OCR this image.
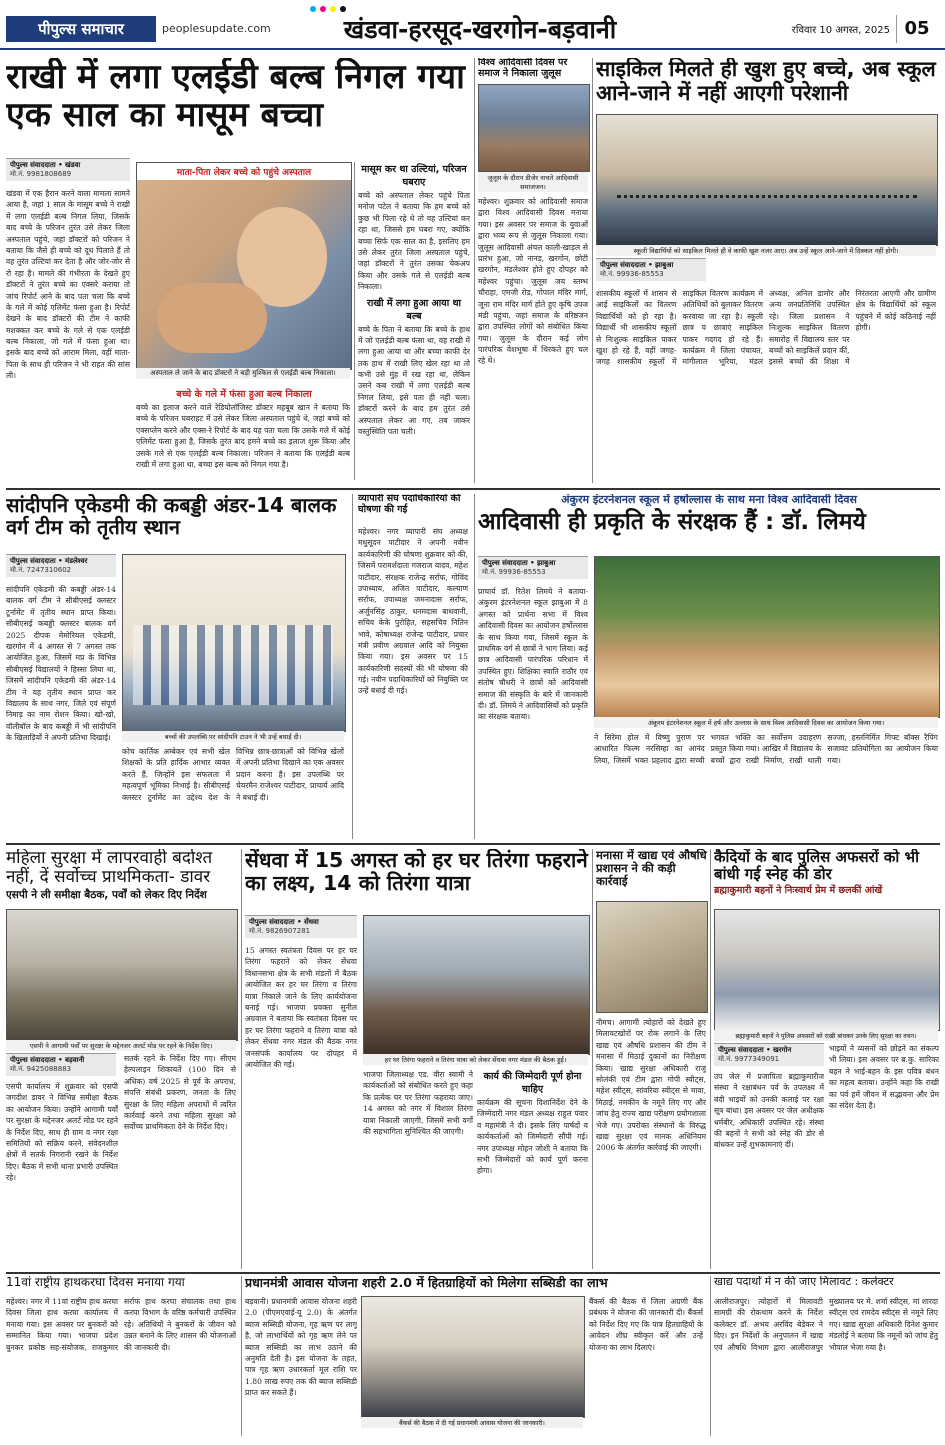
पीपुल्स समाचार	peoplesupdate.com	खंडवा-हरसूद-खरगोन-बड़वानी	रविवार 10 अगस्त, 2025 05
राखी में लगा एलईडी बल्ब निगल गया एक साल का मासूम बच्चा
पीपुल्स संवाददाता • खंडवा
मो.नं. 9981808689

खंडवा में एक हैरान करने वाला मामला सामने आया है, जहां 1 साल के मासूम बच्चे ने राखी में लगा एलईडी बल्ब निगल लिया, जिसके बाद बच्चे के परिजन तुरंत उसे लेकर जिला अस्पताल पहुंचे, जहां डॉक्टरों को परिजन ने बताया कि जैसे ही बच्चे को दूध पिलाते हैं तो वह तुरंत उल्टियां कर देता है और जोर-जोर से रो रहा है। मामले की गंभीरता के देखते हुए डॉक्टरों ने तुरंत बच्चे का एक्सरे कराया तो जांच रिपोर्ट आने के बाद पता चला कि बच्चे के गले में कोई एलिमेंट फंसा हुआ है। रिपोर्ट देखने के बाद डॉक्टरों की टीम ने काफी मशक्कत कर बच्चे के गले से एक एलईडी बल्ब निकाला, जो गले में फंसा हुआ था। इसके बाद बच्चे को आराम मिला, वहीं माता-पिता के साथ ही परिजन ने भी राहत की सांस ली।

माता-पिता लेकर बच्चे को पहुंचे अस्पताल
अस्पताल ले जाने के बाद डॉक्टरों ने बड़ी मुश्किल से एलईडी बल्ब निकाला।
बच्चे के गले में फंसा हुआ बल्ब निकाला

बच्चे का इलाज करने वाले रेडियोलॉजिस्ट डॉक्टर महबूब खान ने बताया कि बच्चे के परिजन घबराहट में उसे लेकर जिला अस्पताल पहुंचे थे, जहां बच्चे को एक्सप्लेन करने और एक्स-रे रिपोर्ट के बाद यह पता चला कि उसके गले में कोई एलिमेंट फंसा हुआ है, जिसके तुरंत बाद हमने बच्चे का इलाज शुरू किया और उसके गले से एक एलईडी बल्ब निकाला। परिजन ने बताया कि एलईडी बल्ब राखी में लगा हुआ था, बच्चा इस बल्ब को निगल गया है।

मासूम कर था उल्टियां, परिजन घबराए

बच्चे को अस्पताल लेकर पहुंचे पिता मनोज पटेल ने बताया कि हम बच्चे को कुछ भी पिला रहे थे तो वह उल्टियां कर रहा था, जिससे हम घबरा गए, क्योंकि बच्चा सिर्फ एक साल का है, इसलिए हम उसे लेकर तुरंत जिला अस्पताल पहुंचे, जहां डॉक्टरों ने तुरंत उसका चेकअप किया और उसके गले से एलईडी बल्ब निकाला।

राखी में लगा हुआ आया था बल्ब

बच्चे के पिता ने बताया कि बच्चे के हाथ में जो एलईडी बल्ब फंसा था, वह राखी में लगा हुआ आया था और बच्चा काफी देर तक हाथ में राखी लिए खेल रहा था तो कभी उसे मुंह में रख रहा था, लेकिन उसने कब राखी में लगा एलईडी बल्ब निगल लिया, इसे पता ही नहीं चला। डॉक्टरों करने के बाद हम तुरंत उसे अस्पताल लेकर आ गए, तब जाकर वस्तुस्थिति पता चली।

विश्व आदिवासी दिवस पर समाज ने निकाला जुलूस
जुलूस के दौरान डीजेर नाचते आदिवासी समाजजन।

महेश्वर। शुक्रवार को आदिवासी समाज द्वारा विश्व आदिवासी दिवस मनाया गया। इस अवसर पर समाज के युवाओं द्वारा भव्य रूप से जुलूस निकाला गया। जुलूस आदिवासी अंचल काली-खाड़ल से प्रारंभ हुआ, जो नानड़, खरगोन, छोटी खरगोन, मंडलेश्वर होते हुए दोपहर को महेश्वर पहुंचा। जुलूस जय स्तम्भ चौराहा, एमजी रोड, गोपाल मंदिर मार्ग, जूना राम मंदिर मार्ग होते हुए कृषि उपज मंडी पहुंचा, जहां समाज के वरिष्ठजन द्वारा उपस्थित लोगों को संबोधित किया गया। जुलूस के दौरान कई लोग पारंपरिक वेशभूषा में थिरकते हुए चल रहे थे।

साइकिल मिलते ही खुश हुए बच्चे, अब स्कूल आने-जाने में नहीं आएगी परेशानी
स्कूली विद्यार्थियों को साइकिल मिलते ही वे काफी खुश नजर आए। अब उन्हें स्कूल आने-जाने में दिक्कत नहीं होगी।
पीपुल्स संवाददाता • झाबुआ
मो.नं. 99936-85553

शासकीय स्कूलों में शासन से आई साइकिलों का वितरण विद्यार्थियों को हो रहा है। विद्यार्थी भी शासकीय स्कूलों से निःशुल्क साइकिल पाकर खुश हो रहे हैं, वहीं जगह-जगह शासकीय स्कूलों में साइकिल वितरण कार्यक्रम में अतिथियों को बुलाकर वितरण करवाया जा रहा है। स्कूली छात्र व छात्राएं साइकिल पाकर गदगद हो रहे हैं। कार्यक्रम में जिला पंचायत, मांगीलाल भूरिया, मंडल अध्यक्ष, अनिल डामोर और अन्य जनप्रतिनिधि उपस्थित रहे। जिला प्रशासन ने निःशुल्क साइकिल वितरण समारोह में विद्यालय स्तर पर बच्चों को साइकिलें प्रदान कीं, इससे बच्चों की शिक्षा में निरंतरता आएगी और ग्रामीण क्षेत्र के विद्यार्थियों को स्कूल पहुंचने में कोई कठिनाई नहीं होगी।

सांदीपनि एकेडमी की कबड्डी अंडर-14 बालक वर्ग टीम को तृतीय स्थान
पीपुल्स संवाददाता • मंडलेश्वर
मो.नं. 7247310602

सांदीपनि एकेडमी की कबड्डी अंडर-14 बालक वर्ग टीम ने सीबीएसई क्लस्टर टूर्नामेंट में तृतीय स्थान प्राप्त किया। सीबीएसई कबड्डी क्लस्टर बालक वर्ग 2025 दीपक मेमोरियल एकेडमी, खरगोन में 4 अगस्त से 7 अगस्त तक आयोजित हुआ, जिसमें मप्र के विभिन्न सीबीएसई विद्यालयों ने हिस्सा लिया था, जिसमें सांदीपनि एकेडमी की अंडर-14 टीम ने यह तृतीय स्थान प्राप्त कर विद्यालय के साथ नगर, जिले एवं संपूर्ण निमाड़ का नाम रोशन किया। खो-खो, वॉलीबॉल के बाद कबड्डी में भी सांदीपनि के खिलाड़ियों ने अपनी प्रतिभा दिखाई।	बच्चों की उपलब्धि पर सांदीपनि टाउन ने भी उन्हें बधाई दी।

कोच कार्तिक अम्बेकर एवं सभी खेल शिक्षकों के प्रति हार्दिक आभार व्यक्त करते हैं, जिन्होंने इस सफलता में महत्वपूर्ण भूमिका निभाई है। सीबीएसई क्लस्टर टूर्नामेंट का उद्देश्य देश के विभिन्न छात्र-छात्राओं को विभिन्न खेलों में अपनी प्रतिभा दिखाने का एक अवसर प्रदान करना है। इस उपलब्धि पर चेयरमैन राजेश्वर पाटीदार, प्राचार्य आदि ने बधाई दी।

व्यापारी संघ पदाधिकारियों की घोषणा की गई

महेश्वर। नगर व्यापारी संघ अध्यक्ष मधुसूदन पाटीदार ने अपनी नवीन कार्यकारिणी की घोषणा शुक्रवार को की, जिसमें परामर्शदाता गजराज यादव, महेश पाटीदार, संरक्षक राजेन्द्र सर्राफ, गोविंद उपाध्याय, अजित पाटीदार, कल्याण सर्राफ, उपाध्यक्ष जमनादास सर्राफ, अर्जुनसिंह ठाकुर, धनमदास बाधवानी, सचिव केके पुरोहित, सहसचिव नितिन भावे, कोषाध्यक्ष राजेन्द्र पाटीदार, प्रचार मंत्री प्रवीण अग्रवाल आदि को नियुक्त किया गया। इस अवसर पर 15 कार्यकारिणी सदस्यों की भी घोषणा की गई। नवीन पदाधिकारियों को नियुक्ति पर उन्हें बधाई दी गई।

अंकुरम इंटरनेशनल स्कूल में हर्षोल्लास के साथ मना विश्व आदिवासी दिवस
आदिवासी ही प्रकृति के संरक्षक हैं : डॉ. लिमये
पीपुल्स संवाददाता • झाबुआ
मो.नं. 99936-85553

प्राचार्य डॉ. रितेश लिमये ने बताया- अंकुरम इंटरनेशनल स्कूल झाबुआ में 8 अगस्त को प्रार्थना सभा में विश्व आदिवासी दिवस का आयोजन हर्षोल्लास के साथ किया गया, जिसमें स्कूल के प्राथमिक वर्ग से छात्रों ने भाग लिया। कई छात्र आदिवासी पारंपरिक परिधान में उपस्थित हुए। शिक्षिका स्वाति राठौर एवं संतोष चौधरी ने छात्रों को आदिवासी समाज की संस्कृति के बारे में जानकारी दी। डॉ. लिमये ने आदिवासियों को प्रकृति का संरक्षक बताया।

अंकुरम इंटरनेशनल स्कूल में हर्ष और उल्लास के साथ विश्व आदिवासी दिवस का आयोजन किया गया।

ने सिरेमा होल में विष्णु पुराण पर आधारित फिल्म नरसिम्हा का आनंद लिया, जिसमें भक्त प्रहलाद द्वारा सच्ची भगवत भक्ति का सर्वोत्तम उदाहरण प्रस्तुत किया गया। आखिर में विद्यालय के बच्चों द्वारा राखी निर्माण, राखी थाली सज्जा, हस्तनिर्मित गिफ्ट बॉक्स रैपिंग सजावट प्रतियोगिता का आयोजन किया गया।

महिला सुरक्षा में लापरवाही बर्दाश्त नहीं, दें सर्वोच्च प्राथमिकता- डावर
एसपी ने ली समीक्षा बैठक, पर्वों को लेकर दिए निर्देश
एसपी ने आगामी पर्वों पर सुरक्षा के मद्देनजर अलर्ट मोड पर रहने के निर्देश दिए।
पीपुल्स संवाददाता • बड़वानी
मो.नं. 9425088883

एसपी कार्यालय में शुक्रवार को एसपी जगदीश डावर ने विभिन्न समीक्षा बैठक का आयोजन किया। उन्होंने आगामी पर्वों पर सुरक्षा के मद्देनजर अलर्ट मोड पर रहने के निर्देश दिए, साथ ही ग्राम व नगर रक्षा समितियों को सक्रिय करने, संवेदनशील क्षेत्रों में सतर्क निगरानी रखने के निर्देश दिए। बैठक में सभी थाना प्रभारी उपस्थित रहे।

सतर्क रहने के निर्देश दिए गए। सीएम हेल्पलाइन शिकायतें (100 दिन से अधिक) वर्ष 2025 से पूर्व के अपराध, संपत्ति संबंधी प्रकरण, जनता के लिए सुरक्षा के लिए महिला अपराधों में त्वरित कार्रवाई करने तथा महिला सुरक्षा को सर्वोच्च प्राथमिकता देने के निर्देश दिए।

सेंधवा में 15 अगस्त को हर घर तिरंगा फहराने का लक्ष्य, 14 को तिरंगा यात्रा
पीपुल्स संवाददाता • सेंधवा
मो.नं. 9826907281

15 अगस्त स्वतंत्रता दिवस पर हर घर तिरंगा फहराने को लेकर सेंधवा विधानसभा क्षेत्र के सभी मंडलों में बैठक आयोजित कर हर घर तिरंगा व तिरंगा यात्रा निकाले जाने के लिए कार्ययोजना बनाई गई। भाजपा प्रवक्ता सुनील अग्रवाल ने बताया कि स्वतंत्रता दिवस पर हर घर तिरंगा फहराने व तिरंगा यात्रा को लेकर सेंधवा नगर मंडल की बैठक नगर जनसंपर्क कार्यालय पर दोपहर में आयोजित की गई।	हर घर तिरंगा फहराने व तिरंगा यात्रा को लेकर सेंधवा नगर मंडल की बैठक हुई।

भाजपा जिलाध्यक्ष एड. वीरा स्वामी ने कार्यकर्ताओं को संबोधित करते हुए कहा कि प्रत्येक घर पर तिरंगा फहराया जाए। 14 अगस्त को नगर में विशाल तिरंगा यात्रा निकाली जाएगी, जिसमें सभी वर्गों की सहभागिता सुनिश्चित की जाएगी।

कार्य की जिम्मेदारी पूर्ण होना चाहिए

कार्यक्रम की सूचना दिशानिर्देश देने के जिम्मेदारी नगर मंडल अध्यक्ष राहुल पंवार व महामंत्री ने दी। इसके लिए पार्षदों व कार्यकर्ताओं को जिम्मेदारी सौंपी गई। नगर उपाध्यक्ष मोहन जोशी ने बताया कि सभी जिम्मेदारों को कार्य पूर्ण करना होगा।

मनासा में खाद्य एवं औषधि प्रशासन ने की कड़ी कार्रवाई

नीमच। आगामी त्योहारों को देखते हुए मिलावटखोरों पर रोक लगाने के लिए खाद्य एवं औषधि प्रशासन की टीम ने मनासा में मिठाई दुकानों का निरीक्षण किया। खाद्य सुरक्षा अधिकारी राजू सोलंकी एवं टीम द्वारा गोपी स्वीट्स, महेश स्वीट्स, सांवरिया स्वीट्स से मावा, मिठाई, नमकीन के नमूने लिए गए और जांच हेतु राज्य खाद्य परीक्षण प्रयोगशाला भेजे गए। उपरोक्त संस्थानों के विरुद्ध खाद्य सुरक्षा एवं मानक अधिनियम 2006 के अंतर्गत कार्रवाई की जाएगी।

कैदियों के बाद पुलिस अफसरों को भी बांधी गई स्नेह की डोर
ब्रह्माकुमारी बहनों ने निःस्वार्थ प्रेम में छलकीं आंखें
ब्रह्माकुमारी बहनों ने पुलिस अफसरों को राखी बांधकर उनके लिए सुरक्षा का वचन।
पीपुल्स संवाददाता • खरगोन
मो.नं. 9977349091

उप जेल में प्रजापिता ब्रह्माकुमारीज संस्था ने रक्षाबंधन पर्व के उपलक्ष्य में बंदी भाइयों को उनकी कलाई पर रक्षा सूत्र बांधा। इस अवसर पर जेल अधीक्षक धर्मबीर, अधिकारी उपस्थित रहे। संस्था की बहनों ने सभी को स्नेह की डोर से बांधकर उन्हें शुभकामनाएं दीं।

भाइयों ने व्यसनों को छोड़ने का संकल्प भी लिया। इस अवसर पर ब्र.कु. सारिका बहन ने भाई-बहन के इस पवित्र बंधन का महत्व बताया। उन्होंने कहा कि राखी का पर्व हमें जीवन में सद्भावना और प्रेम का संदेश देता है।

11वां राष्ट्रीय हाथकरघा दिवस मनाया गया

महेश्वर। नगर में 11वां राष्ट्रीय हाथ करघा दिवस जिला हाथ करघा कार्यालय में मनाया गया। इस अवसर पर बुनकरों को सम्मानित किया गया। भाजपा प्रदेश बुनकर प्रकोष्ठ सह-संयोजक, राजकुमार सर्राफ हाथ करघा संचालक तथा हाथ करघा विभाग के वरिष्ठ कर्मचारी उपस्थित रहे। अतिथियों ने बुनकरों के जीवन को उन्नत बनाने के लिए शासन की योजनाओं की जानकारी दी।

प्रधानमंत्री आवास योजना शहरी 2.0 में हितग्राहियों को मिलेगा सब्सिडी का लाभ

बड़वानी। प्रधानमंत्री आवास योजना शहरी 2.0 (पीएमएवाई-यू 2.0) के अंतर्गत ब्याज सब्सिडी योजना, गृह ऋण पर लागू है, जो लाभार्थियों को गृह ऋण लेने पर ब्याज सब्सिडी का लाभ उठाने की अनुमति देती है। इस योजना के तहत, पात्र गृह ऋण उधारकर्ता मूल राशि पर 1.80 लाख रुपए तक की ब्याज सब्सिडी प्राप्त कर सकते हैं।

बैंकर्स की बैठक में दी गई प्रधानमंत्री आवास योजना की जानकारी।

बैंकर्स की बैठक में जिला अग्रणी बैंक प्रबंधक ने योजना की जानकारी दी। बैंकर्स को निर्देश दिए गए कि पात्र हितग्राहियों के आवेदन शीघ्र स्वीकृत करें और उन्हें योजना का लाभ दिलाएं।

खाद्य पदार्थों में न की जाए मिलावट : कलेक्टर

आलीराजपुर। त्योहारों में मिलावटी सामग्री की रोकथाम करने के निर्देश कलेक्टर डॉ. अभय अरविंद बेडेकर ने दिए। इन निर्देशों के अनुपालन में खाद्य एवं औषधि विभाग द्वारा आलीराजपुर मुख्यालय पर मे. शर्मा स्वीट्स, मां शारदा स्वीट्स एवं रामदेव स्वीट्स से नमूने लिए गए। खाद्य सुरक्षा अधिकारी दिनेश कुमार मंडलोई ने बताया कि नमूनों को जांच हेतु भोपाल भेजा गया है।
